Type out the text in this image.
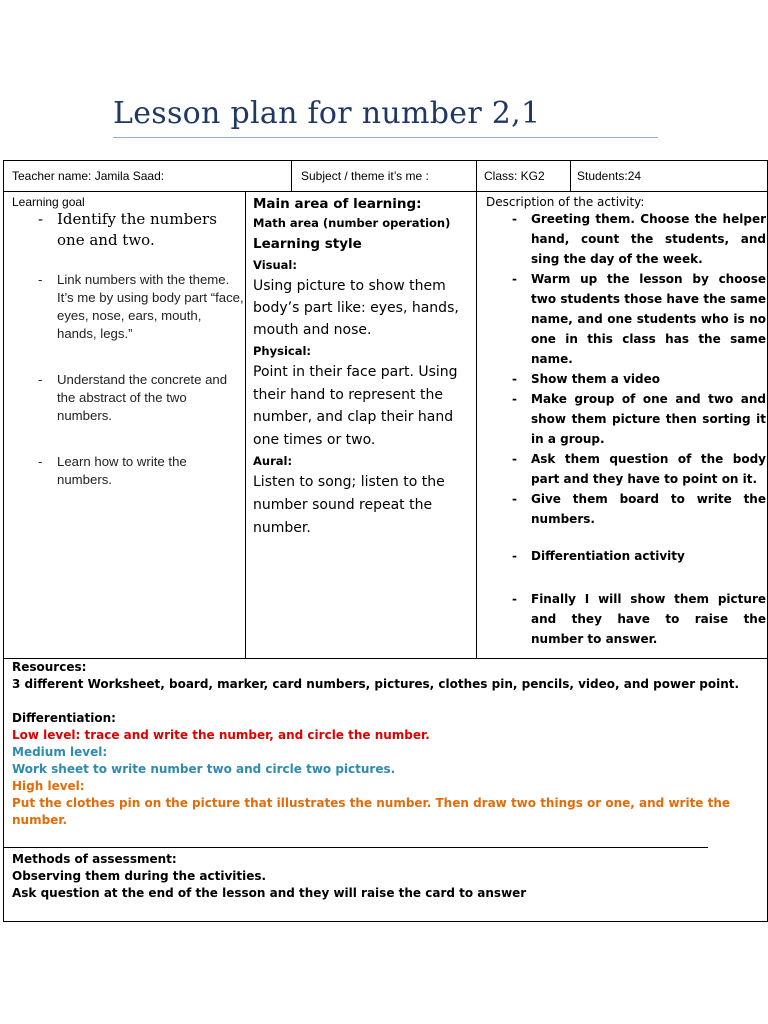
Lesson plan for number 2,1
Teacher name: Jamila Saad:	Subject / theme it’s me :	Class: KG2	Students:24
Learning goal
- Identify the numbers one and two.
- Link numbers with the theme. It’s me by using body part “face, eyes, nose, ears, mouth, hands, legs.”
- Understand the concrete and the abstract of the two numbers.
- Learn how to write the numbers.
Main area of learning:
Math area (number operation)
Learning style
Visual:
Using picture to show them body’s part like: eyes, hands, mouth and nose.
Physical:
Point in their face part. Using their hand to represent the number, and clap their hand one times or two.
Aural:
Listen to song; listen to the number sound repeat the number.
Description of the activity:
- Greeting them. Choose the helper hand, count the students, and sing the day of the week.
- Warm up the lesson by choose two students those have the same name, and one students who is no one in this class has the same name.
- Show them a video
- Make group of one and two and show them picture then sorting it in a group.
- Ask them question of the body part and they have to point on it.
- Give them board to write the numbers.
- Differentiation activity
- Finally I will show them picture and they have to raise the number to answer.
Resources:
3 different Worksheet, board, marker, card numbers, pictures, clothes pin, pencils, video, and power point.
Differentiation:
Low level: trace and write the number, and circle the number.
Medium level:
Work sheet to write number two and circle two pictures.
High level:
Put the clothes pin on the picture that illustrates the number. Then draw two things or one, and write the number.
Methods of assessment:
Observing them during the activities.
Ask question at the end of the lesson and they will raise the card to answer
